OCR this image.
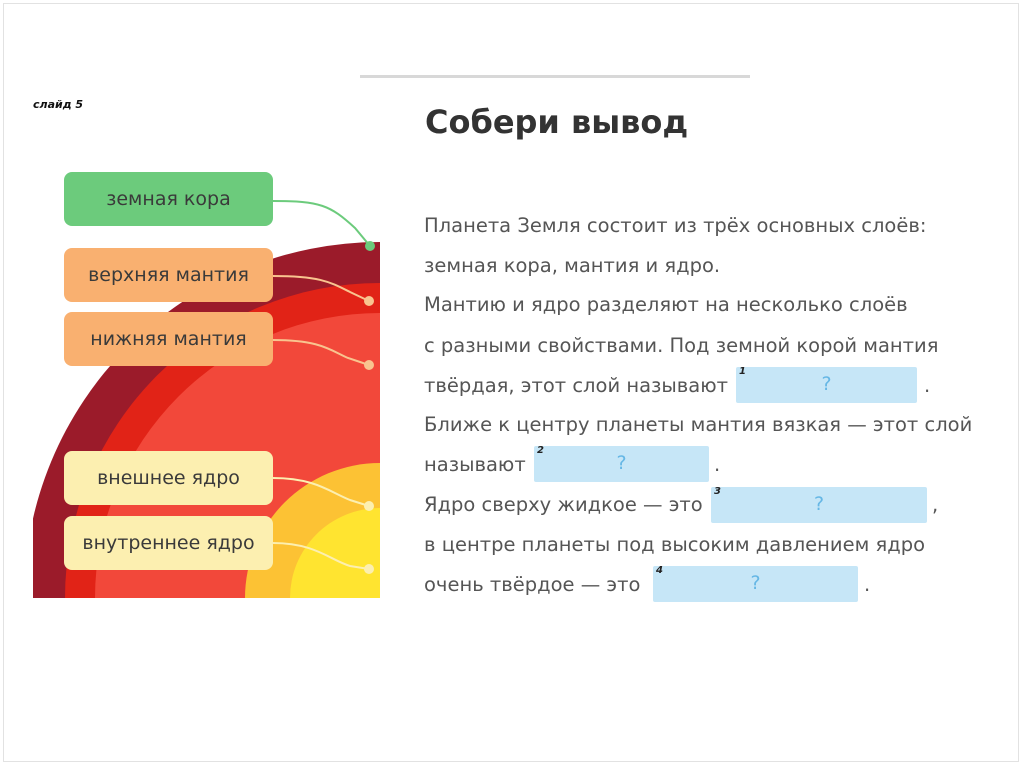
слайд 5	Собери вывод
земная кора
верхняя мантия
нижняя мантия
внешнее ядро
внутреннее ядро
Планета Земля состоит из трёх основных слоёв:
земная кора, мантия и ядро.
Мантию и ядро разделяют на несколько слоёв
с разными свойствами. Под земной корой мантия
твёрдая, этот слой называют
Ближе к центру планеты мантия вязкая — этот слой
называют
Ядро сверху жидкое — это
в центре планеты под высоким давлением ядро
очень твёрдое — это
1
?	.
2
?	.
3
?	,
4
?	.
